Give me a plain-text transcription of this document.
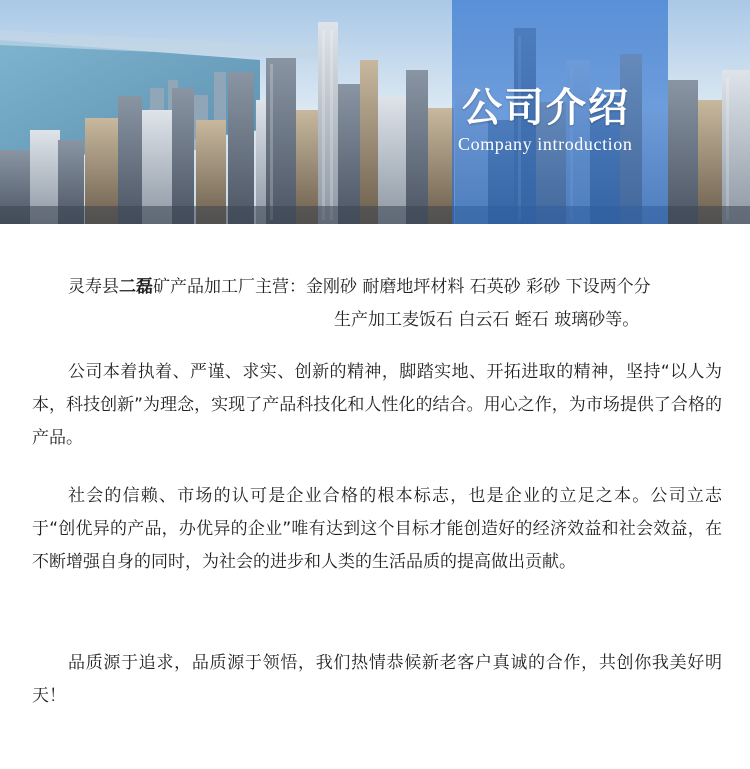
公司介绍
Company introduction
灵寿县二磊矿产品加工厂主营：金刚砂 耐磨地坪材料 石英砂 彩砂 下设两个分
生产加工麦饭石 白云石 蛭石 玻璃砂等。

公司本着执着、严谨、求实、创新的精神，脚踏实地、开拓进取的精神，坚持“以人为本，科技创新”为理念，实现了产品科技化和人性化的结合。用心之作，为市场提供了合格的产品。

社会的信赖、市场的认可是企业合格的根本标志，也是企业的立足之本。公司立志于“创优异的产品，办优异的企业”唯有达到这个目标才能创造好的经济效益和社会效益，在不断增强自身的同时，为社会的进步和人类的生活品质的提高做出贡献。

品质源于追求，品质源于领悟，我们热情恭候新老客户真诚的合作，共创你我美好明天！
